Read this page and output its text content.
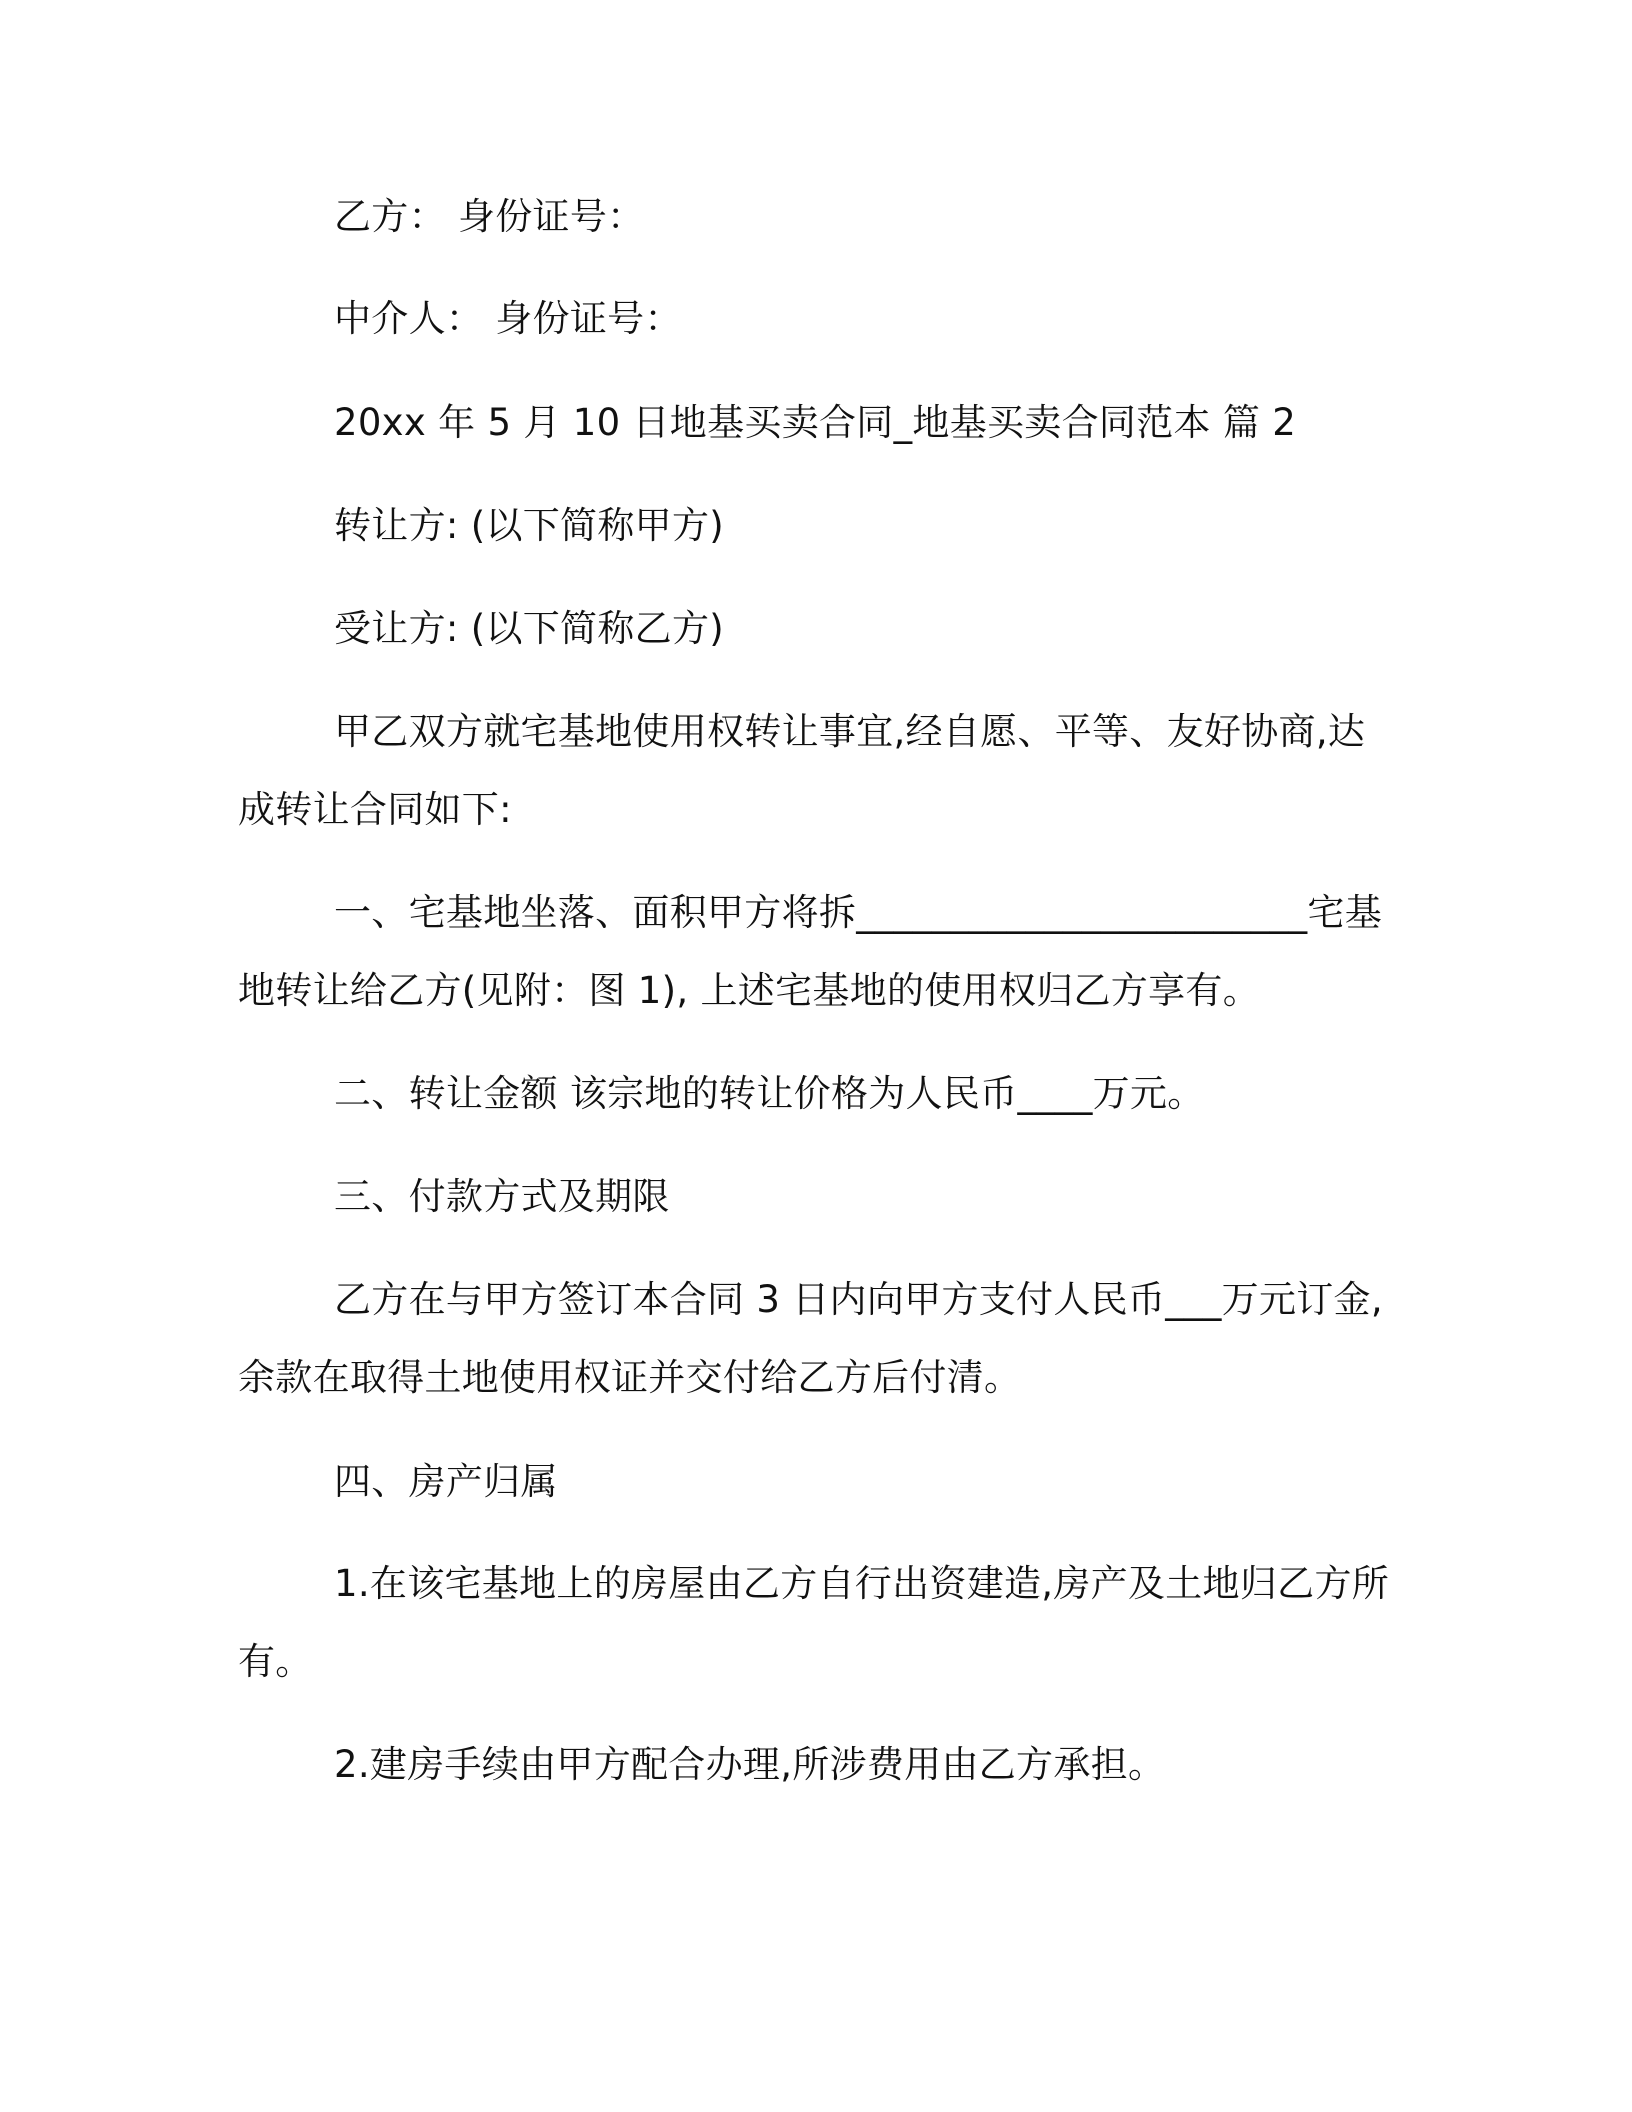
乙方： 身份证号：

中介人： 身份证号：

20xx 年 5 月 10 日地基买卖合同_地基买卖合同范本 篇 2

转让方: (以下简称甲方)

受让方: (以下简称乙方)

甲乙双方就宅基地使用权转让事宜,经自愿、平等、友好协商,达成转让合同如下:

一、宅基地坐落、面积甲方将拆________________________宅基地转让给乙方(见附：图 1), 上述宅基地的使用权归乙方享有。

二、转让金额 该宗地的转让价格为人民币____万元。

三、付款方式及期限

乙方在与甲方签订本合同 3 日内向甲方支付人民币___万元订金,余款在取得土地使用权证并交付给乙方后付清。

四、房产归属

1.在该宅基地上的房屋由乙方自行出资建造,房产及土地归乙方所有。

2.建房手续由甲方配合办理,所涉费用由乙方承担。
